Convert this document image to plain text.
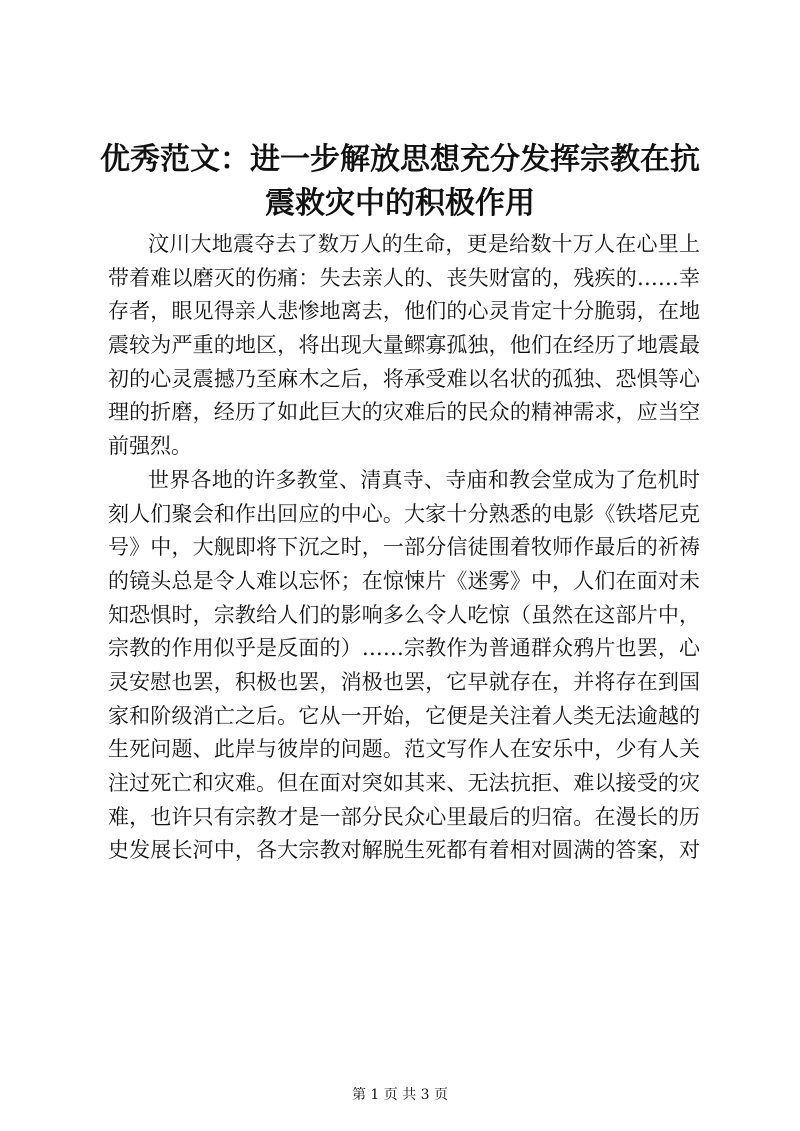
优秀范文：进一步解放思想充分发挥宗教在抗
震救灾中的积极作用
汶川大地震夺去了数万人的生命，更是给数十万人在心里上
带着难以磨灭的伤痛：失去亲人的、丧失财富的，残疾的……幸
存者，眼见得亲人悲惨地离去，他们的心灵肯定十分脆弱，在地
震较为严重的地区，将出现大量鳏寡孤独，他们在经历了地震最
初的心灵震撼乃至麻木之后，将承受难以名状的孤独、恐惧等心
理的折磨，经历了如此巨大的灾难后的民众的精神需求，应当空
前强烈。
世界各地的许多教堂、清真寺、寺庙和教会堂成为了危机时
刻人们聚会和作出回应的中心。大家十分熟悉的电影《铁塔尼克
号》中，大舰即将下沉之时，一部分信徒围着牧师作最后的祈祷
的镜头总是令人难以忘怀；在惊悚片《迷雾》中，人们在面对未
知恐惧时，宗教给人们的影响多么令人吃惊（虽然在这部片中，
宗教的作用似乎是反面的）……宗教作为普通群众鸦片也罢，心
灵安慰也罢，积极也罢，消极也罢，它早就存在，并将存在到国
家和阶级消亡之后。它从一开始，它便是关注着人类无法逾越的
生死问题、此岸与彼岸的问题。范文写作人在安乐中，少有人关
注过死亡和灾难。但在面对突如其来、无法抗拒、难以接受的灾
难，也许只有宗教才是一部分民众心里最后的归宿。在漫长的历
史发展长河中，各大宗教对解脱生死都有着相对圆满的答案，对
第 1 页 共 3 页
